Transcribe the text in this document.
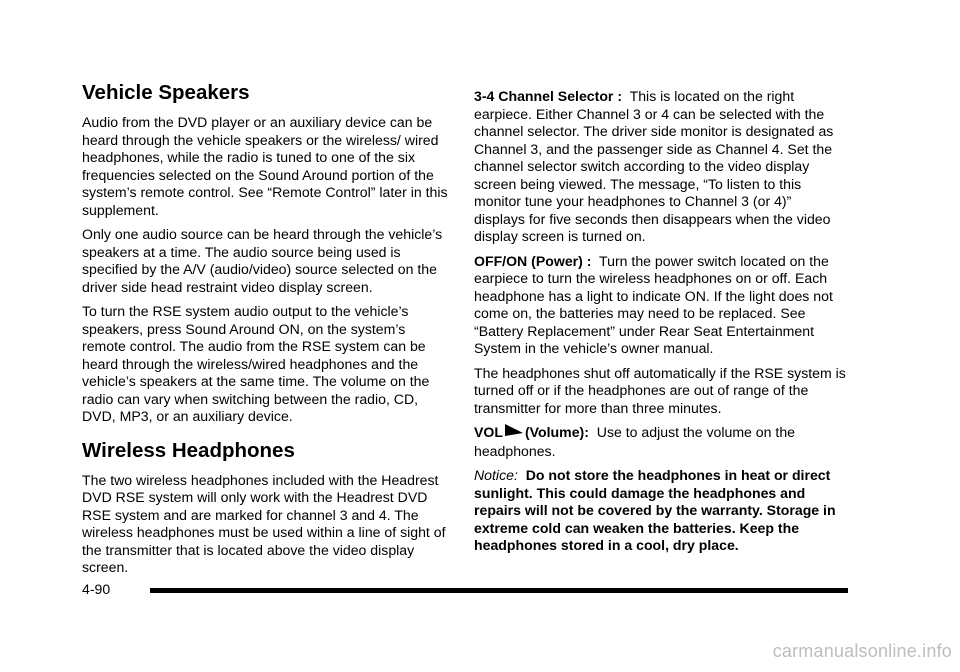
Vehicle Speakers

Audio from the DVD player or an auxiliary device can be heard through the vehicle speakers or the wireless/ wired headphones, while the radio is tuned to one of the six frequencies selected on the Sound Around portion of the system’s remote control. See “Remote Control” later in this supplement.

Only one audio source can be heard through the vehicle’s speakers at a time. The audio source being used is specified by the A/V (audio/video) source selected on the driver side head restraint video display screen.

To turn the RSE system audio output to the vehicle’s speakers, press Sound Around ON, on the system’s remote control. The audio from the RSE system can be heard through the wireless/wired headphones and the vehicle’s speakers at the same time. The volume on the radio can vary when switching between the radio, CD, DVD, MP3, or an auxiliary device.

Wireless Headphones

The two wireless headphones included with the Headrest DVD RSE system will only work with the Headrest DVD RSE system and are marked for channel 3 and 4. The wireless headphones must be used within a line of sight of the transmitter that is located above the video display screen.

3-4 Channel Selector : This is located on the right earpiece. Either Channel 3 or 4 can be selected with the channel selector. The driver side monitor is designated as Channel 3, and the passenger side as Channel 4. Set the channel selector switch according to the video display screen being viewed. The message, “To listen to this monitor tune your headphones to Channel 3 (or 4)” displays for five seconds then disappears when the video display screen is turned on.

OFF/ON (Power) : Turn the power switch located on the earpiece to turn the wireless headphones on or off. Each headphone has a light to indicate ON. If the light does not come on, the batteries may need to be replaced. See “Battery Replacement” under Rear Seat Entertainment System in the vehicle’s owner manual.

The headphones shut off automatically if the RSE system is turned off or if the headphones are out of range of the transmitter for more than three minutes.

VOL (Volume): Use to adjust the volume on the headphones.

Notice: Do not store the headphones in heat or direct sunlight. This could damage the headphones and repairs will not be covered by the warranty. Storage in extreme cold can weaken the batteries. Keep the headphones stored in a cool, dry place.

4-90
carmanualsonline.info
